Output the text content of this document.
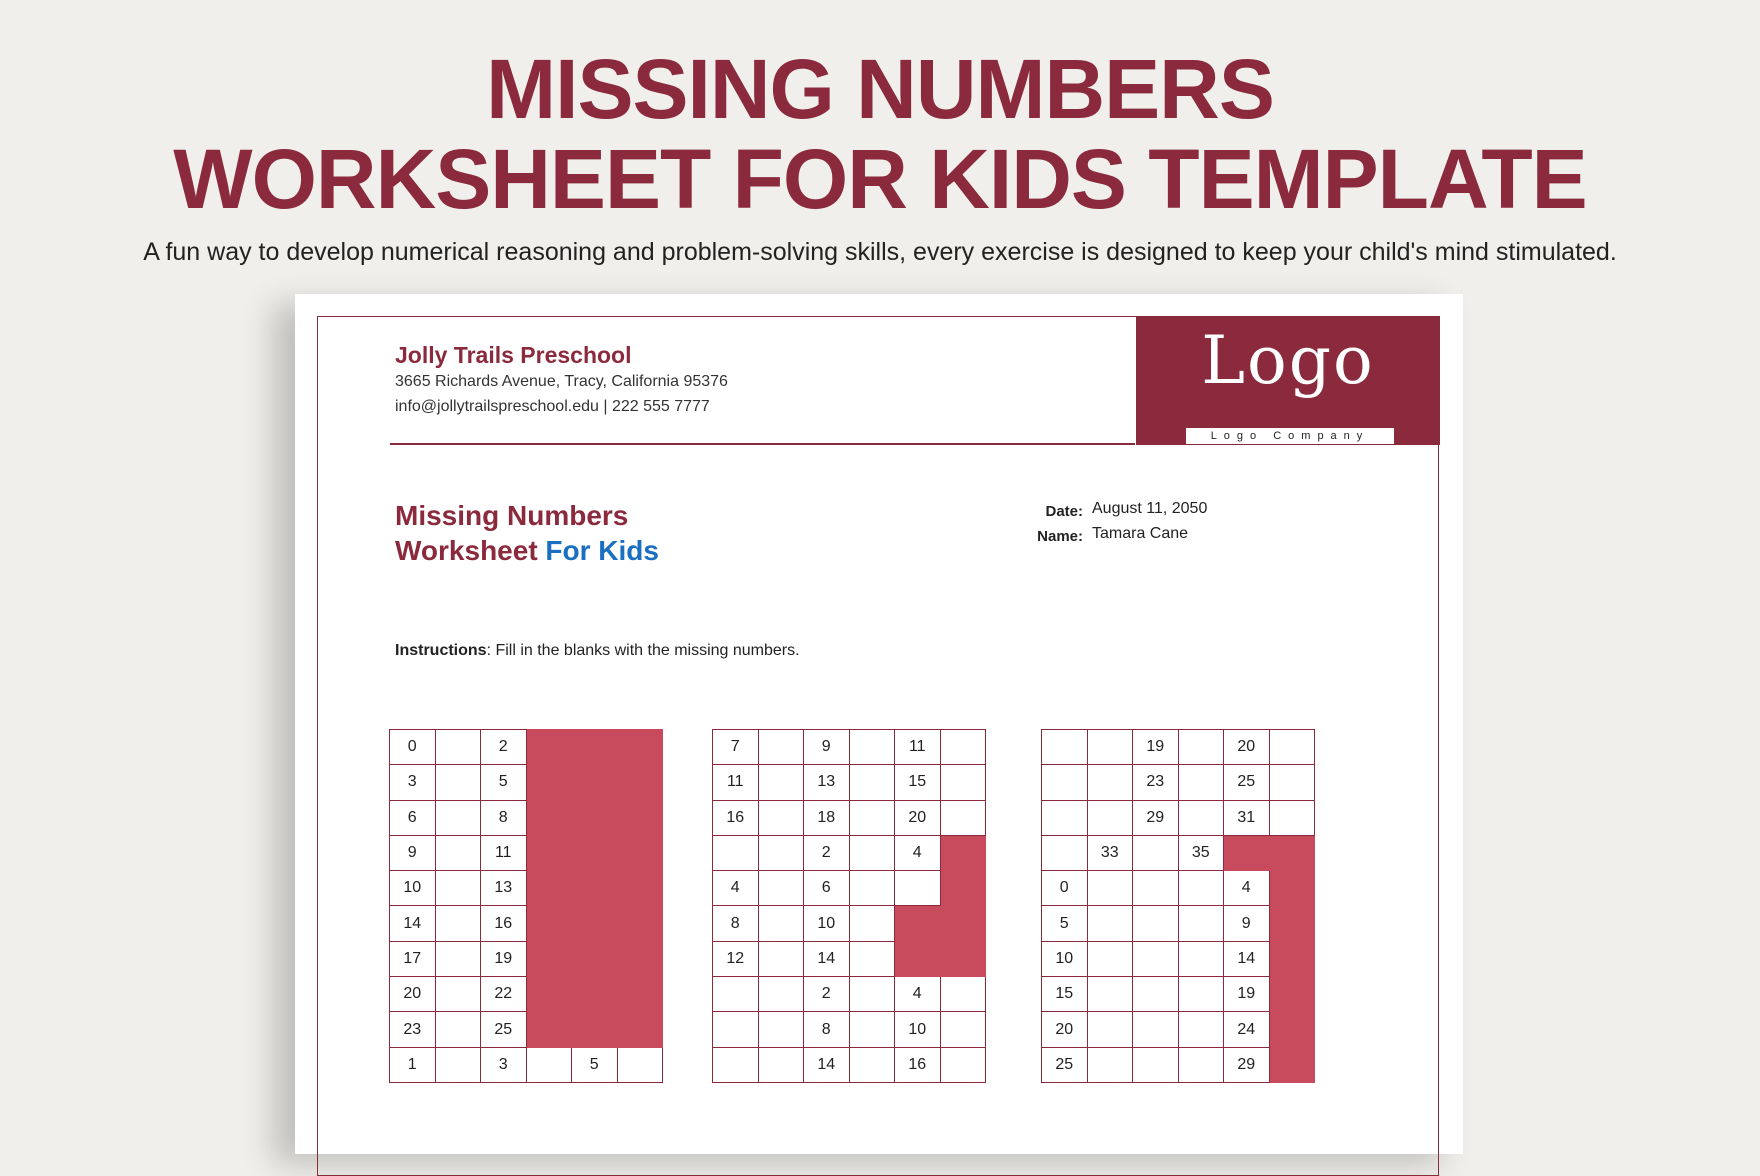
MISSING NUMBERS
WORKSHEET FOR KIDS TEMPLATE

A fun way to develop numerical reasoning and problem-solving skills, every exercise is designed to keep your child's mind stimulated.

Jolly Trails Preschool
3665 Richards Avenue, Tracy, California 95376
info@jollytrailspreschool.edu | 222 555 7777
Logo
Logo Company
Missing Numbers
Worksheet For Kids
Date: August 11, 2050
Name: Tamara Cane
Instructions: Fill in the blanks with the missing numbers.
0		2			
3		5			
6		8			
9		11			
10		13			
14		16			
17		19			
20		22			
23		25			
1		3		5	
7		9		11	
11		13		15	
16		18		20	
		2		4	
4		6			
8		10			
12		14			
		2		4	
		8		10	
		14		16	
		19		20	
		23		25	
		29		31	
	33		35		
0				4	
5				9	
10				14	
15				19	
20				24	
25				29	
